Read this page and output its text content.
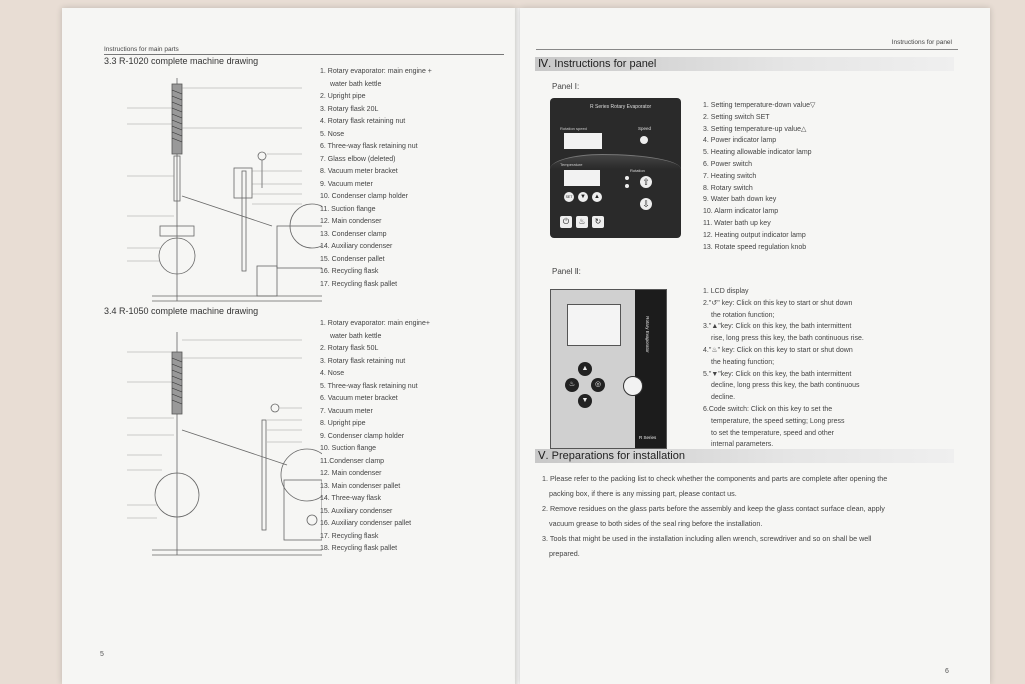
Instructions for main parts
3.3 R-1020 complete machine drawing
1. Rotary evaporator: main engine +
water bath kettle
2. Upright pipe
3. Rotary flask 20L
4. Rotary flask retaining nut
5. Nose
6. Three-way flask retaining nut
7. Glass elbow (deleted)
8. Vacuum meter bracket
9. Vacuum meter
10. Condenser clamp holder
11. Suction flange
12. Main condenser
13. Condenser clamp
14. Auxiliary condenser
15. Condenser pallet
16. Recycling flask
17. Recycling flask pallet
3.4 R-1050 complete machine drawing
1. Rotary evaporator: main engine+
water bath kettle
2. Rotary flask 50L
3. Rotary flask retaining nut
4. Nose
5. Three-way flask retaining nut
6. Vacuum meter bracket
7. Vacuum meter
8. Upright pipe
9. Condenser clamp holder
10. Suction flange
11.Condenser clamp
12. Main condenser
13. Main condenser pallet
14. Three-way flask
15. Auxiliary condenser
16. Auxiliary condenser pallet
17. Recycling flask
18. Recycling flask pallet
5
Instructions for panel
Ⅳ. Instructions for panel
Panel Ⅰ:
R Series Rotary Evaporator
Speed
Rotation speed
Temperature
Rotation
⇧
SET	▼	▲
⇩
⏻	♨	↻
1. Setting temperature-down value▽
2. Setting switch SET
3. Setting temperature-up value△
4. Power indicator lamp
5. Heating allowable indicator lamp
6. Power switch
7. Heating switch
8. Rotary switch
9. Water bath down key
10. Alarm indicator lamp
11. Water bath up key
12. Heating output indicator lamp
13. Rotate speed regulation knob
Panel Ⅱ:
▲
♨	◎
▼
Rotary Evaporator
R Series
1. LCD display
2."↺" key: Click on this key to start or shut down
the rotation function;
3."▲"key: Click on this key, the bath intermittent
rise, long press this key, the bath continuous rise.
4."♨" key: Click on this key to start or shut down
the heating function;
5."▼"key: Click on this key, the bath intermittent
decline, long press this key, the bath continuous
decline.
6.Code switch: Click on this key to set the
temperature, the speed setting; Long press
to set the temperature, speed and other
internal parameters.
Ⅴ. Preparations for installation
1. Please refer to the packing list to check whether the components and parts are complete after opening the
packing box, if there is any missing part, please contact us.
2. Remove residues on the glass parts before the assembly and keep the glass contact surface clean, apply
vacuum grease to both sides of the seal ring before the installation.
3. Tools that might be used in the installation including allen wrench, screwdriver and so on shall be well
prepared.
6
